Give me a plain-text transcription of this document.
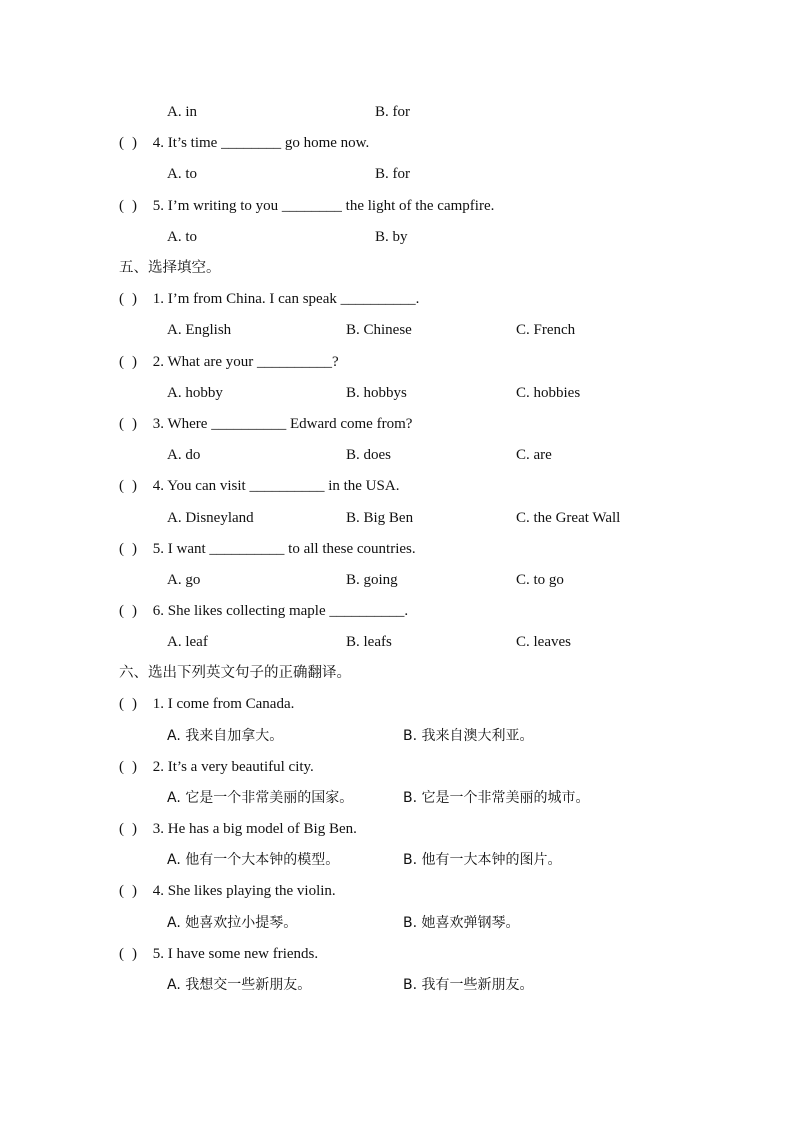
A. in	B. for
( ) 4. It’s time ________ go home now.
A. to	B. for
( ) 5. I’m writing to you ________ the light of the campfire.
A. to	B. by
五、选择填空。
( ) 1. I’m from China. I can speak __________.
A. English	B. Chinese	C. French
( ) 2. What are your __________?
A. hobby	B. hobbys	C. hobbies
( ) 3. Where __________ Edward come from?
A. do	B. does	C. are
( ) 4. You can visit __________ in the USA.
A. Disneyland	B. Big Ben	C. the Great Wall
( ) 5. I want __________ to all these countries.
A. go	B. going	C. to go
( ) 6. She likes collecting maple __________.
A. leaf	B. leafs	C. leaves
六、选出下列英文句子的正确翻译。
( ) 1. I come from Canada.
A. 我来自加拿大。	B. 我来自澳大利亚。
( ) 2. It’s a very beautiful city.
A. 它是一个非常美丽的国家。	B. 它是一个非常美丽的城市。
( ) 3. He has a big model of Big Ben.
A. 他有一个大本钟的模型。	B. 他有一大本钟的图片。
( ) 4. She likes playing the violin.
A. 她喜欢拉小提琴。	B. 她喜欢弹钢琴。
( ) 5. I have some new friends.
A. 我想交一些新朋友。	B. 我有一些新朋友。
